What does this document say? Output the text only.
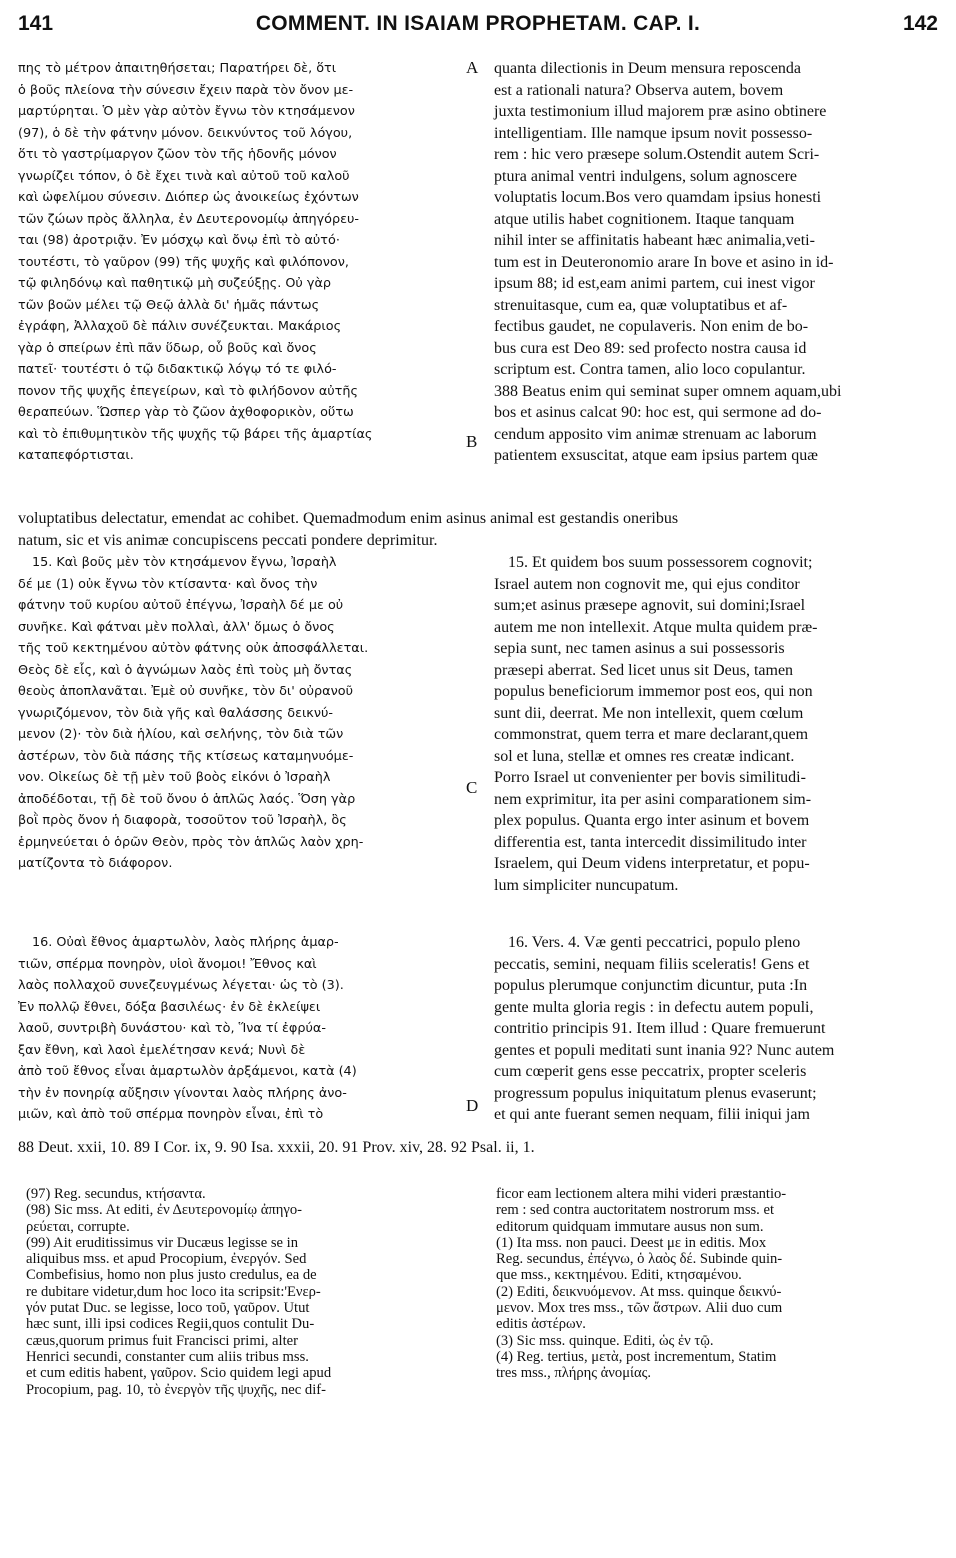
141	COMMENT. IN ISAIAM PROPHETAM. CAP. I.	142

πης τὸ μέτρον ἀπαιτηθήσεται; Παρατήρει δὲ, ὅτι

ὁ βοῦς πλείονα τὴν σύνεσιν ἔχειν παρὰ τὸν ὄνον με-

μαρτύρηται. Ὁ μὲν γὰρ αὐτὸν ἔγνω τὸν κτησάμενον

(97), ὁ δὲ τὴν φάτνην μόνον. δεικνύντος τοῦ λόγου,

ὅτι τὸ γαστρίμαργον ζῶον τὸν τῆς ἡδονῆς μόνον

γνωρίζει τόπον, ὁ δὲ ἔχει τινὰ καὶ αὐτοῦ τοῦ καλοῦ

καὶ ὠφελίμου σύνεσιν. Διόπερ ὡς ἀνοικείως ἐχόντων

τῶν ζώων πρὸς ἄλληλα, ἐν Δευτερονομίῳ ἀπηγόρευ-

ται (98) ἀροτριᾷν. Ἐν μόσχῳ καὶ ὄνῳ ἐπὶ τὸ αὐτό·

τουτέστι, τὸ γαῦρον (99) τῆς ψυχῆς καὶ φιλόπονον,

τῷ φιληδόνῳ καὶ παθητικῷ μὴ συζεύξῃς. Οὐ γὰρ

τῶν βοῶν μέλει τῷ Θεῷ ἀλλὰ δι' ἡμᾶς πάντως

ἐγράφη, Ἀλλαχοῦ δὲ πάλιν συνέζευκται. Μακάριος

γὰρ ὁ σπείρων ἐπὶ πᾶν ὕδωρ, οὗ βοῦς καὶ ὄνος

πατεῖ· τουτέστι ὁ τῷ διδακτικῷ λόγῳ τό τε φιλό-

πονον τῆς ψυχῆς ἐπεγείρων, καὶ τὸ φιλήδονον αὐτῆς

θεραπεύων. Ὥσπερ γὰρ τὸ ζῶον ἀχθοφορικὸν, οὕτω

καὶ τὸ ἐπιθυμητικὸν τῆς ψυχῆς τῷ βάρει τῆς ἁμαρτίας

καταπεφόρτισται.

A quanta dilectionis in Deum mensura reposcenda

est a rationali natura? Observa autem, bovem

juxta testimonium illud majorem præ asino obtinere

intelligentiam. Ille namque ipsum novit possesso-

rem : hic vero præsepe solum.Ostendit autem Scri-

ptura animal ventri indulgens, solum agnoscere

voluptatis locum.Bos vero quamdam ipsius honesti

atque utilis habet cognitionem. Itaque tanquam

nihil inter se affinitatis habeant hæc animalia,veti-

tum est in Deuteronomio arare In bove et asino in id-

ipsum 88; id est,eam animi partem, cui inest vigor

strenuitasque, cum ea, quæ voluptatibus et af-

fectibus gaudet, ne copulaveris. Non enim de bo-

bus cura est Deo 89: sed profecto nostra causa id

scriptum est. Contra tamen, alio loco copulantur.

388 Beatus enim qui seminat super omnem aquam,ubi

bos et asinus calcat 90: hoc est, qui sermone ad do-

cendum apposito vim animæ strenuam ac laborum

patientem exsuscitat, atque eam ipsius partem quæ

B

voluptatibus delectatur, emendat ac cohibet. Quemadmodum enim asinus animal est gestandis oneribus

natum, sic et vis animæ concupiscens peccati pondere deprimitur.

15. Καὶ βοῦς μὲν τὸν κτησάμενον ἔγνω, Ἰσραὴλ

δέ με (1) οὐκ ἔγνω τὸν κτίσαντα· καὶ ὄνος τὴν

φάτνην τοῦ κυρίου αὐτοῦ ἐπέγνω, Ἰσραὴλ δέ με οὐ

συνῆκε. Καὶ φάτναι μὲν πολλαὶ, ἀλλ' ὅμως ὁ ὄνος

τῆς τοῦ κεκτημένου αὐτὸν φάτνης οὐκ ἀποσφάλλεται.

Θεὸς δὲ εἷς, καὶ ὁ ἀγνώμων λαὸς ἐπὶ τοὺς μὴ ὄντας

θεοὺς ἀποπλανᾶται. Ἐμὲ οὐ συνῆκε, τὸν δι' οὐρανοῦ

γνωριζόμενον, τὸν διὰ γῆς καὶ θαλάσσης δεικνύ-

μενον (2)· τὸν διὰ ἡλίου, καὶ σελήνης, τὸν διὰ τῶν

ἀστέρων, τὸν διὰ πάσης τῆς κτίσεως καταμηνυόμε-

νον. Οἰκείως δὲ τῇ μὲν τοῦ βοὸς εἰκόνι ὁ Ἰσραὴλ

ἀποδέδοται, τῇ δὲ τοῦ ὄνου ὁ ἁπλῶς λαός. Ὅση γὰρ

βοῒ πρὸς ὄνον ἡ διαφορὰ, τοσοῦτον τοῦ Ἰσραὴλ, ὃς

ἑρμηνεύεται ὁ ὁρῶν Θεὸν, πρὸς τὸν ἁπλῶς λαὸν χρη-

ματίζοντα τὸ διάφορον.

C

15. Et quidem bos suum possessorem cognovit;

Israel autem non cognovit me, qui ejus conditor

sum;et asinus præsepe agnovit, sui domini;Israel

autem me non intellexit. Atque multa quidem præ-

sepia sunt, nec tamen asinus a sui possessoris

præsepi aberrat. Sed licet unus sit Deus, tamen

populus beneficiorum immemor post eos, qui non

sunt dii, deerrat. Me non intellexit, quem cœlum

commonstrat, quem terra et mare declarant,quem

sol et luna, stellæ et omnes res creatæ indicant.

Porro Israel ut convenienter per bovis similitudi-

nem exprimitur, ita per asini comparationem sim-

plex populus. Quanta ergo inter asinum et bovem

differentia est, tanta intercedit dissimilitudo inter

Israelem, qui Deum videns interpretatur, et popu-

lum simpliciter nuncupatum.

16. Οὐαὶ ἔθνος ἁμαρτωλὸν, λαὸς πλήρης ἁμαρ-

τιῶν, σπέρμα πονηρὸν, υἱοὶ ἄνομοι! Ἔθνος καὶ

λαὸς πολλαχοῦ συνεζευγμένως λέγεται· ὡς τὸ (3).

Ἐν πολλῷ ἔθνει, δόξα βασιλέως· ἐν δὲ ἐκλείψει

λαοῦ, συντριβὴ δυνάστου· καὶ τὸ, Ἵνα τί ἐφρύα-

ξαν ἔθνη, καὶ λαοὶ ἐμελέτησαν κενά; Νυνὶ δὲ

ἀπὸ τοῦ ἔθνος εἶναι ἁμαρτωλὸν ἀρξάμενοι, κατὰ (4)

τὴν ἐν πονηρίᾳ αὔξησιν γίνονται λαὸς πλήρης ἀνο-

μιῶν, καὶ ἀπὸ τοῦ σπέρμα πονηρὸν εἶναι, ἐπὶ τὸ	D

16. Vers. 4. Væ genti peccatrici, populo pleno

peccatis, semini, nequam filiis sceleratis! Gens et

populus plerumque conjunctim dicuntur, puta :In

gente multa gloria regis : in defectu autem populi,

contritio principis 91. Item illud : Quare fremuerunt

gentes et populi meditati sunt inania 92? Nunc autem

cum cœperit gens esse peccatrix, propter sceleris

progressum populus iniquitatum plenus evaserunt;

et qui ante fuerant semen nequam, filii iniqui jam

88 Deut. xxii, 10. 89 I Cor. ix, 9. 90 Isa. xxxii, 20. 91 Prov. xiv, 28. 92 Psal. ii, 1.

(97) Reg. secundus, κτήσαντα.

(98) Sic mss. At editi, ἐν Δευτερονομίῳ ἀπηγο-

ρεύεται, corrupte.

(99) Ait eruditissimus vir Ducæus legisse se in

aliquibus mss. et apud Procopium, ἐνεργόν. Sed

Combefisius, homo non plus justo credulus, ea de

re dubitare videtur,dum hoc loco ita scripsit:'Ενερ-

γόν putat Duc. se legisse, loco τοῦ, γαῦρον. Utut

hæc sunt, illi ipsi codices Regii,quos contulit Du-

cæus,quorum primus fuit Francisci primi, alter

Henrici secundi, constanter cum aliis tribus mss.

et cum editis habent, γαῦρον. Scio quidem legi apud

Procopium, pag. 10, τὸ ἐνεργὸν τῆς ψυχῆς, nec dif-

ficor eam lectionem altera mihi videri præstantio-

rem : sed contra auctoritatem nostrorum mss. et

editorum quidquam immutare ausus non sum.

(1) Ita mss. non pauci. Deest με in editis. Mox

Reg. secundus, ἐπέγνω, ὁ λαὸς δέ. Subinde quin-

que mss., κεκτημένου. Editi, κτησαμένου.

(2) Editi, δεικνυόμενον. At mss. quinque δεικνύ-

μενον. Mox tres mss., τῶν ἄστρων. Alii duo cum

editis ἀστέρων.

(3) Sic mss. quinque. Editi, ὡς ἐν τῷ.

(4) Reg. tertius, μετὰ, post incrementum, Statim

tres mss., πλήρης ἀνομίας.
